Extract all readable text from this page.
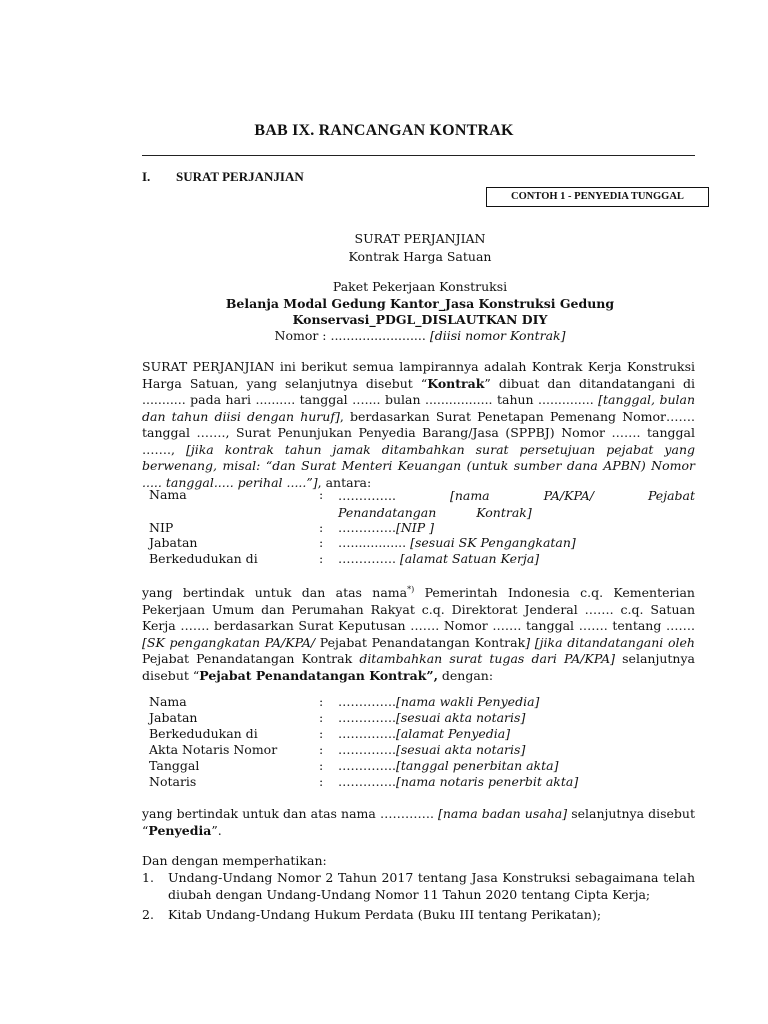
BAB IX. RANCANGAN KONTRAK
I. SURAT PERJANJIAN
CONTOH 1 - PENYEDIA TUNGGAL
SURAT PERJANJIAN
Kontrak Harga Satuan
Paket Pekerjaan Konstruksi
Belanja Modal Gedung Kantor_Jasa Konstruksi Gedung
Konservasi_PDGL_DISLAUTKAN DIY
Nomor : ........................ [diisi nomor Kontrak]
SURAT PERJANJIAN ini berikut semua lampirannya adalah Kontrak Kerja Konstruksi Harga Satuan, yang selanjutnya disebut “Kontrak” dibuat dan ditandatangani di ........... pada hari .......... tanggal ….... bulan ................. tahun .............. [tanggal, bulan dan tahun diisi dengan huruf], berdasarkan Surat Penetapan Pemenang Nomor……. tanggal ……., Surat Penunjukan Penyedia Barang/Jasa (SPPBJ) Nomor ……. tanggal ……., [jika kontrak tahun jamak ditambahkan surat persetujuan pejabat yang berwenang, misal: “dan Surat Menteri Keuangan (untuk sumber dana APBN) Nomor ..... tanggal..... perihal .....”], antara:
Nama	: ………….. [nama PA/KPA/ Pejabat Penandatangan Kontrak]
NIP	: …………..[NIP ]
Jabatan	: ….............. [sesuai SK Pengangkatan]
Berkedudukan di	: ………….. [alamat Satuan Kerja]
yang bertindak untuk dan atas nama*) Pemerintah Indonesia c.q. Kementerian Pekerjaan Umum dan Perumahan Rakyat c.q. Direktorat Jenderal ……. c.q. Satuan Kerja ……. berdasarkan Surat Keputusan ……. Nomor ……. tanggal ……. tentang ……. [SK pengangkatan PA/KPA/ Pejabat Penandatangan Kontrak] [jika ditandatangani oleh Pejabat Penandatangan Kontrak ditambahkan surat tugas dari PA/KPA] selanjutnya disebut “Pejabat Penandatangan Kontrak”, dengan:
Nama	: …………..[nama wakli Penyedia]
Jabatan	: …………..[sesuai akta notaris]
Berkedudukan di	: …………..[alamat Penyedia]
Akta Notaris Nomor	: …………..[sesuai akta notaris]
Tanggal	: …………..[tanggal penerbitan akta]
Notaris	: …………..[nama notaris penerbit akta]
yang bertindak untuk dan atas nama …………. [nama badan usaha] selanjutnya disebut “Penyedia”.
Dan dengan memperhatikan:
1. Undang-Undang Nomor 2 Tahun 2017 tentang Jasa Konstruksi sebagaimana telah diubah dengan Undang-Undang Nomor 11 Tahun 2020 tentang Cipta Kerja;
2. Kitab Undang-Undang Hukum Perdata (Buku III tentang Perikatan);
